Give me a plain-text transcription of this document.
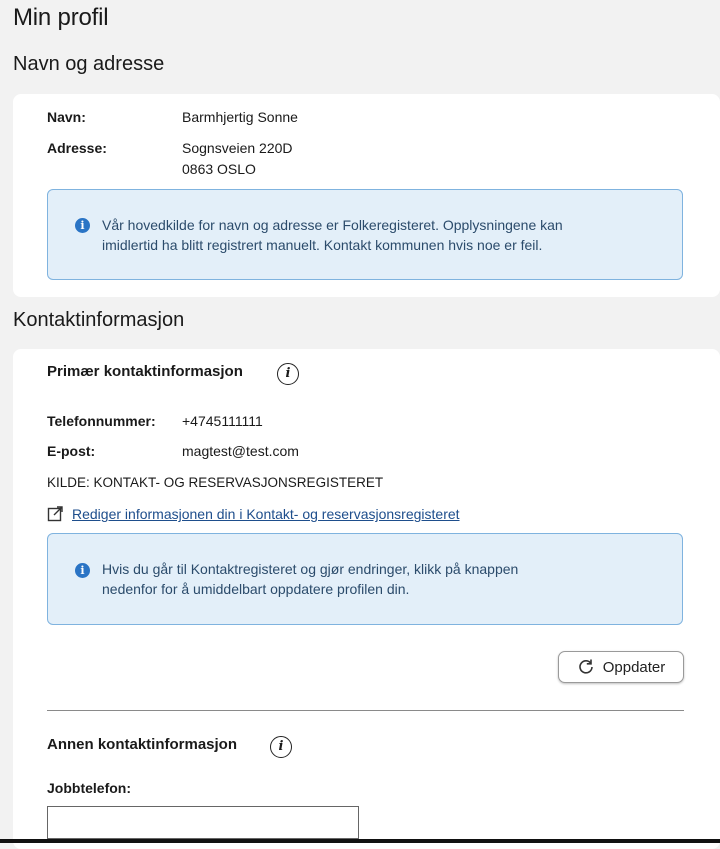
Min profil
Navn og adresse
Navn:	Barmhjertig Sonne
Adresse:	Sognsveien 220D
0863 OSLO
i	Vår hovedkilde for navn og adresse er Folkeregisteret. Opplysningene kan
imidlertid ha blitt registrert manuelt. Kontakt kommunen hvis noe er feil.
Kontaktinformasjon
Primær kontaktinformasjon	i
Telefonnummer: +4745111111
E-post:	magtest@test.com
KILDE: KONTAKT- OG RESERVASJONSREGISTERET
Rediger informasjonen din i Kontakt- og reservasjonsregisteret
i	Hvis du går til Kontaktregisteret og gjør endringer, klikk på knappen
nedenfor for å umiddelbart oppdatere profilen din.
Oppdater
Annen kontaktinformasjon	i
Jobbtelefon:
